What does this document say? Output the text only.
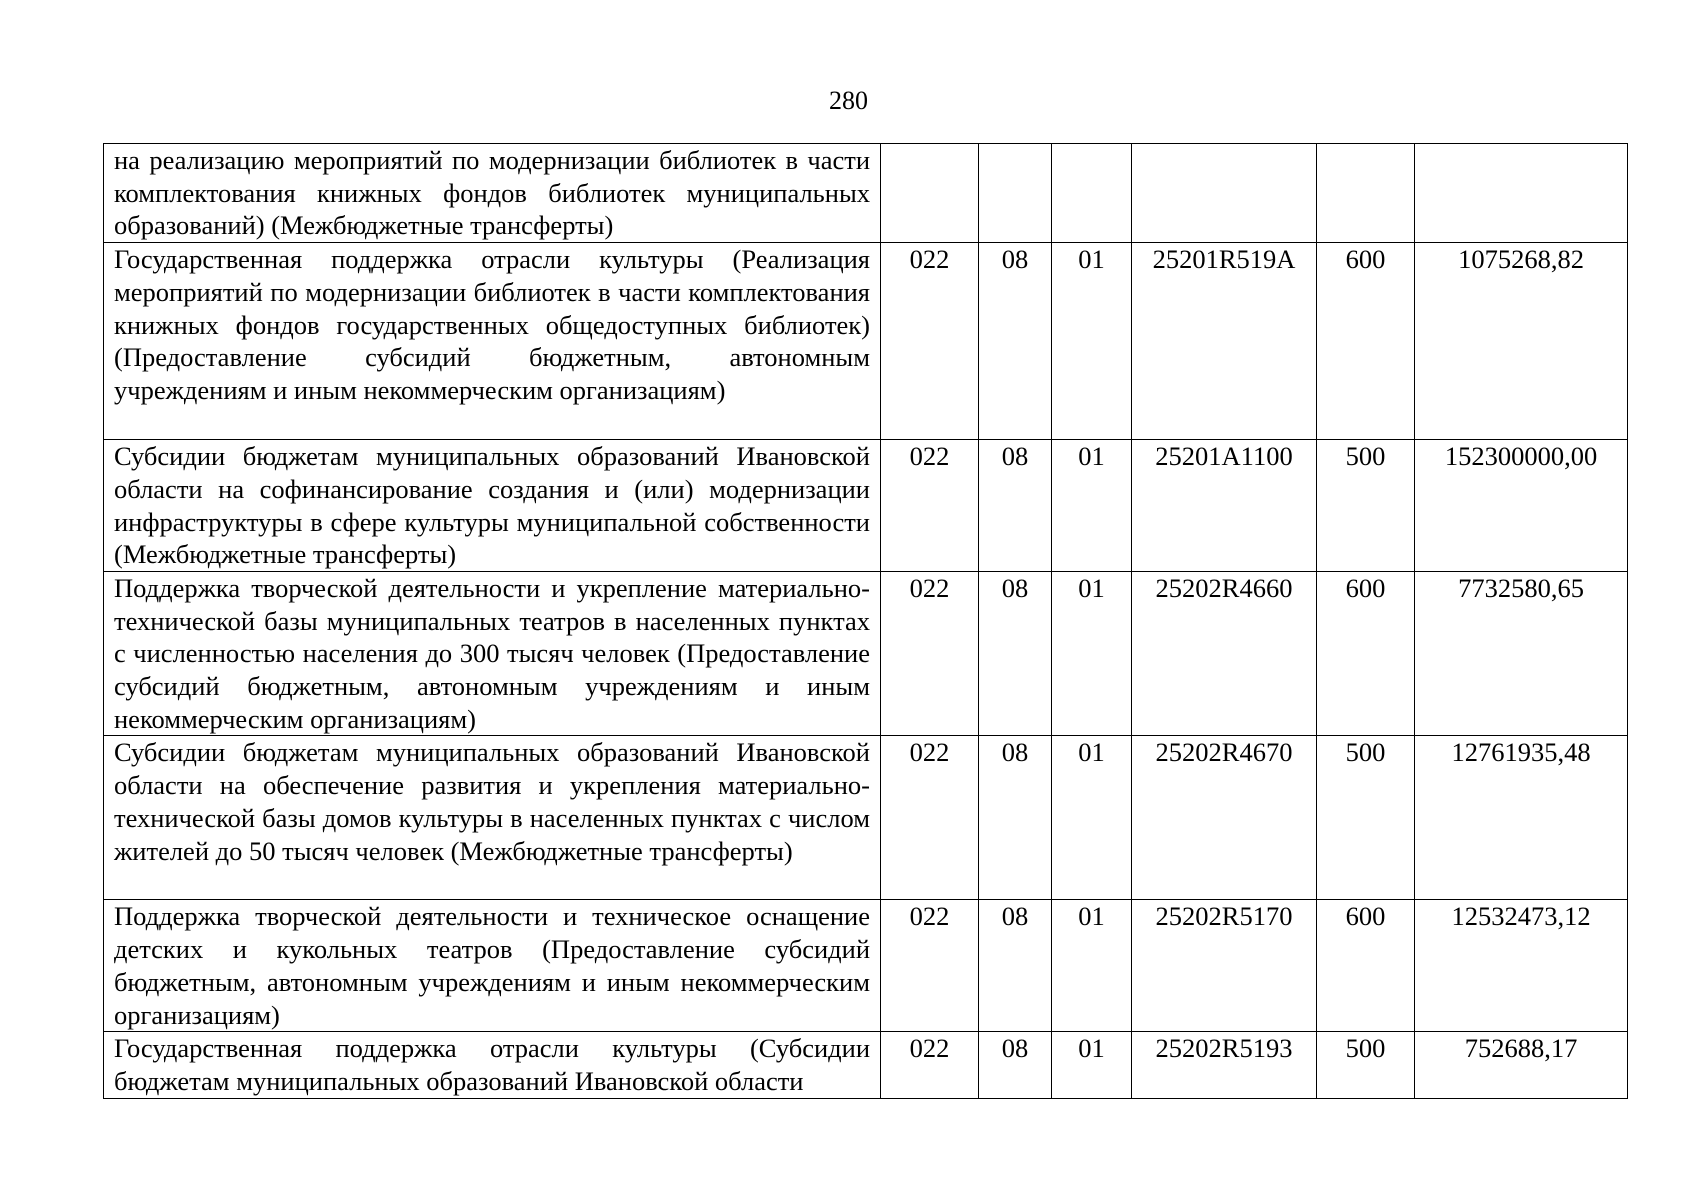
280
на реализацию мероприятий по модернизации библиотек в части комплектования книжных фондов библиотек муниципальных образований) (Межбюджетные трансферты)						
Государственная поддержка отрасли культуры (Реализация мероприятий по модернизации библиотек в части комплектования книжных фондов государственных общедоступных библиотек) (Предоставление субсидий бюджетным, автономным учреждениям и иным некоммерческим организациям)	022	08	01	25201R519A	600	1075268,82
Субсидии бюджетам муниципальных образований Ивановской области на софинансирование создания и (или) модернизации инфраструктуры в сфере культуры муниципальной собственности (Межбюджетные трансферты)	022	08	01	25201A1100	500	152300000,00
Поддержка творческой деятельности и укрепление материально-технической базы муниципальных театров в населенных пунктах с численностью населения до 300 тысяч человек (Предоставление субсидий бюджетным, автономным учреждениям и иным некоммерческим организациям)	022	08	01	25202R4660	600	7732580,65
Субсидии бюджетам муниципальных образований Ивановской области на обеспечение развития и укрепления материально-технической базы домов культуры в населенных пунктах с числом жителей до 50 тысяч человек (Межбюджетные трансферты)	022	08	01	25202R4670	500	12761935,48
Поддержка творческой деятельности и техническое оснащение детских и кукольных театров (Предоставление субсидий бюджетным, автономным учреждениям и иным некоммерческим организациям)	022	08	01	25202R5170	600	12532473,12
Государственная поддержка отрасли культуры (Субсидии бюджетам муниципальных образований Ивановской области	022	08	01	25202R5193	500	752688,17
